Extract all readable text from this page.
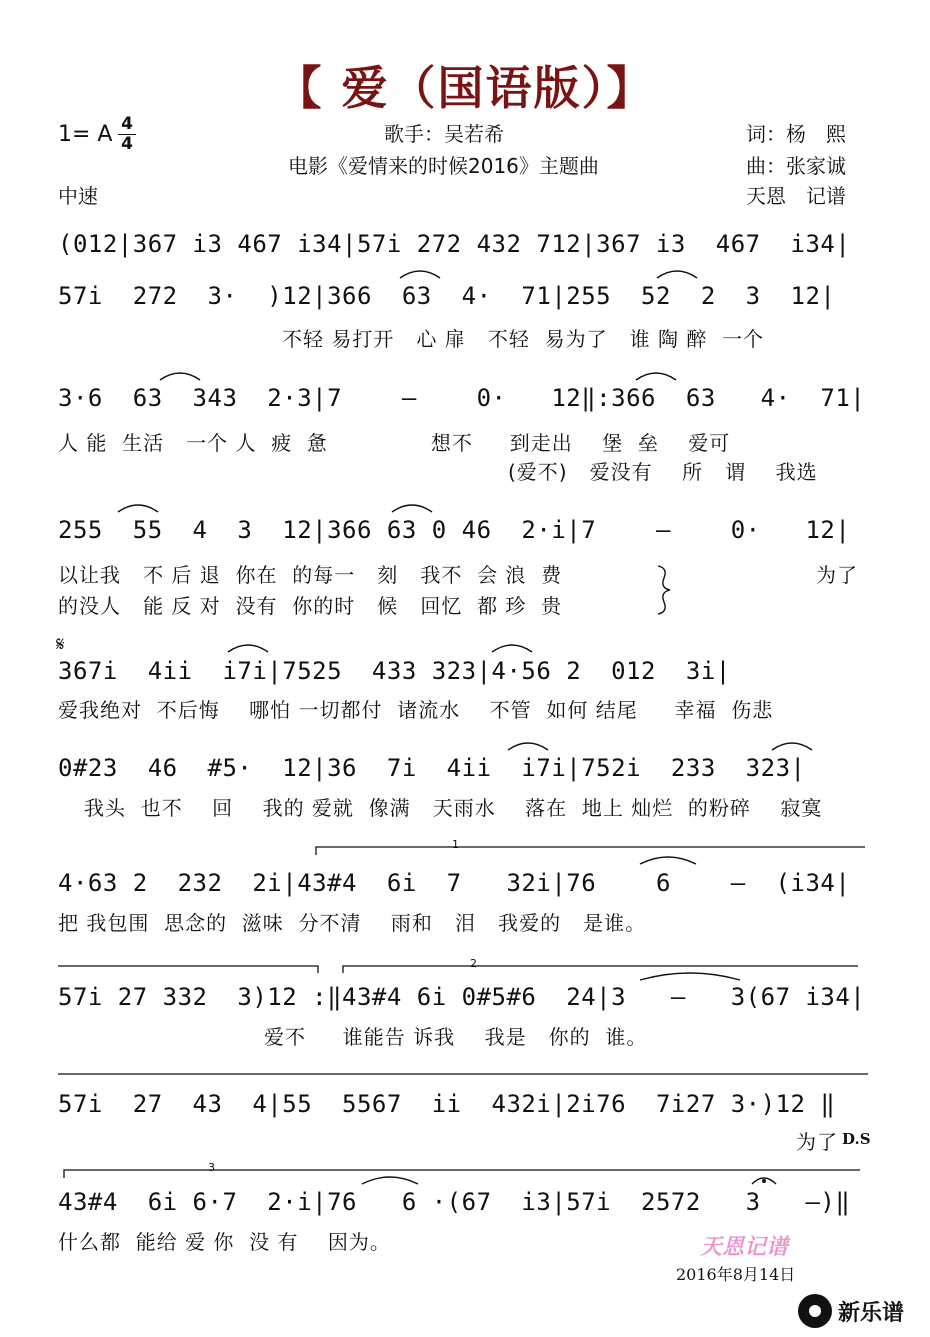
【 爱（国语版）】
1= A 4
4
中速
歌手：吴若希
电影《爱情来的时候2016》主题曲
词：杨　熙
曲：张家诚
天恩　记谱
(012|367 i3 467 i34|57i 272 432 712|367 i3  467  i34|
57i  272  3·  )12|366  63  4·  71|255  52  2  3  12|
不轻 易打开   心 扉   不轻  易为了   谁 陶 醉  一个
3·6  63  343  2·3|7    –    0·   12‖:366  63   4·  71|
人 能  生活   一个 人  疲  惫              想不     到走出    堡  垒    爱可
(爱不)   爱没有    所   谓    我选
255  55  4  3  12|366 63 0 46  2·i|7    –    0·   12|
以让我   不 后 退  你在  的每一   刻   我不  会 浪  费
的没人   能 反 对  没有  你的时   候   回忆  都 珍  贵
为了
𝄋
367i  4ii  i7i|7525  433 323|4·56 2  012  3i|
爱我绝对  不后悔    哪怕 一切都付  诸流水    不管  如何 结尾     幸福  伤悲
0#23  46  #5·  12|36  7i  4ii  i7i|752i  233  323|
我头  也不    回    我的 爱就  像满   天雨水    落在  地上 灿烂  的粉碎    寂寞
4·63 2  232  2i|43#4  6i  7   32i|76    6    –  (i34|
把 我包围  思念的  滋味  分不清    雨和   泪   我爱的   是谁。
57i 27 332  3)12 :‖43#4 6i 0#5#6  24|3   –   3(67 i34|
爱不     谁能告 诉我    我是   你的  谁。
57i  27  43  4|55  5567  ii  432i|2i76  7i27 3·)12 ‖
为了 D.S
43#4  6i 6·7  2·i|76   6 ·(67  i3|57i  2572   3   –)‖
什么都  能给 爱 你  没 有    因为。
1
2
3
天恩记谱
2016年8月14日
新乐谱
